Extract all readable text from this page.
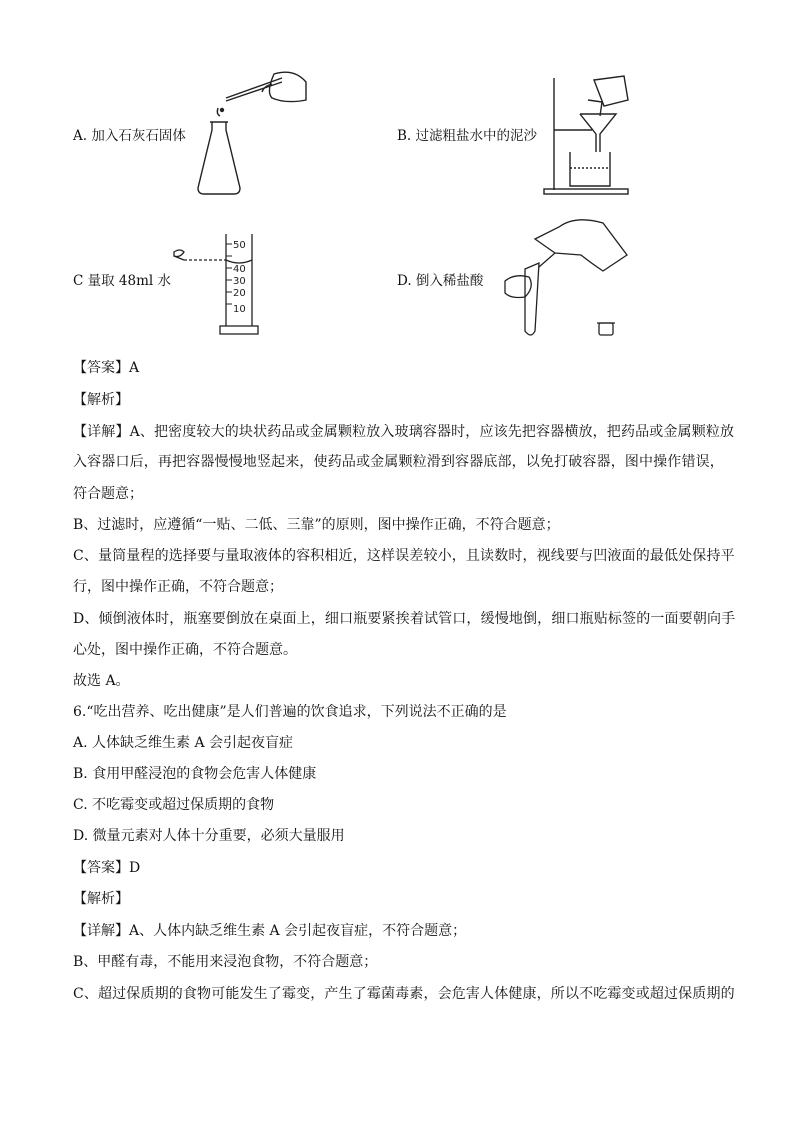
A. 加入石灰石固体	B. 过滤粗盐水中的泥沙
C 量取 48ml 水	D. 倒入稀盐酸
50
40
30
20
10
【答案】A
【解析】
【详解】A、把密度较大的块状药品或金属颗粒放入玻璃容器时，应该先把容器横放，把药品或金属颗粒放
入容器口后，再把容器慢慢地竖起来，使药品或金属颗粒滑到容器底部，以免打破容器，图中操作错误，
符合题意；
B、过滤时，应遵循“一贴、二低、三靠”的原则，图中操作正确，不符合题意；
C、量筒量程的选择要与量取液体的容积相近，这样误差较小，且读数时，视线要与凹液面的最低处保持平
行，图中操作正确，不符合题意；
D、倾倒液体时，瓶塞要倒放在桌面上，细口瓶要紧挨着试管口，缓慢地倒，细口瓶贴标签的一面要朝向手
心处，图中操作正确，不符合题意。
故选 A。
6.“吃出营养、吃出健康”是人们普遍的饮食追求，下列说法不正确的是
A. 人体缺乏维生素 A 会引起夜盲症
B. 食用甲醛浸泡的食物会危害人体健康
C. 不吃霉变或超过保质期的食物
D. 微量元素对人体十分重要，必须大量服用
【答案】D
【解析】
【详解】A、人体内缺乏维生素 A 会引起夜盲症，不符合题意；
B、甲醛有毒，不能用来浸泡食物，不符合题意；
C、超过保质期的食物可能发生了霉变，产生了霉菌毒素，会危害人体健康，所以不吃霉变或超过保质期的
